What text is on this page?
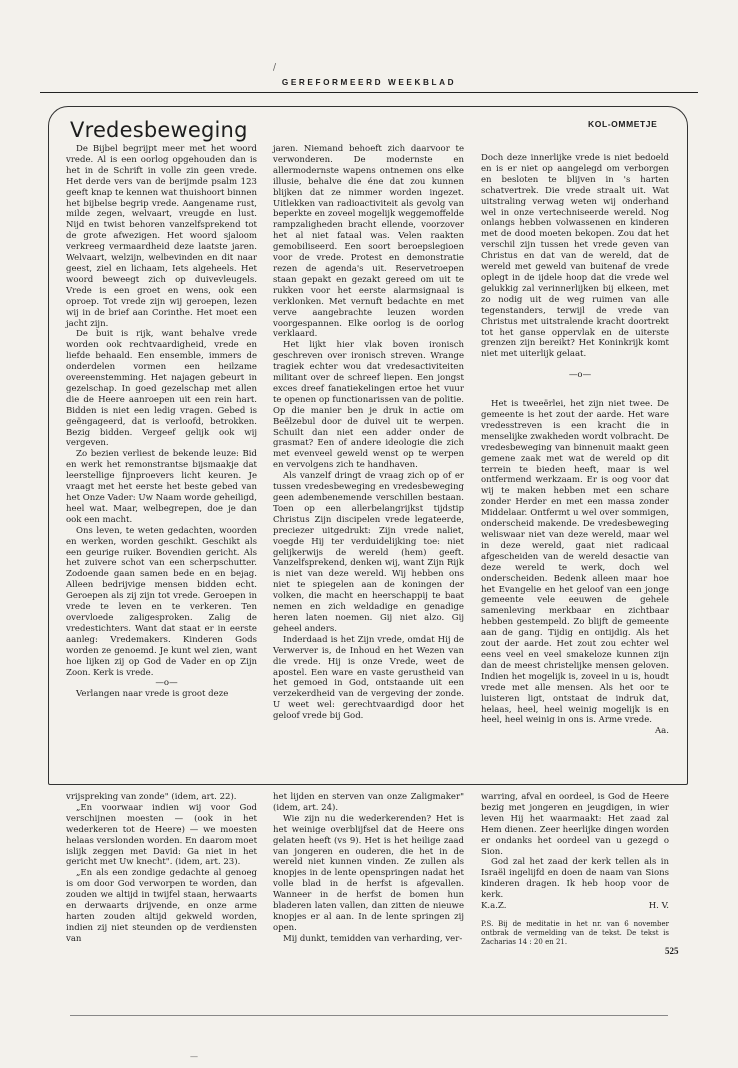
/
GEREFORMEERD WEEKBLAD
Vredesbeweging	KOL-OMMETJE

De Bijbel begrijpt meer met het woord vrede. Al is een oorlog opgehouden dan is het in de Schrift in volle zin geen vrede. Het derde vers van de berijmde psalm 123 geeft knap te kennen wat thuishoort binnen het bijbelse begrip vrede. Aangename rust, milde zegen, welvaart, vreugde en lust. Nijd en twist behoren vanzelfsprekend tot de grote afwezigen. Het woord sjaloom verkreeg vermaardheid deze laatste jaren. Welvaart, welzijn, welbevinden en dit naar geest, ziel en lichaam, Iets algeheels. Het woord beweegt zich op duivevleugels. Vrede is een groet en wens, ook een oproep. Tot vrede zijn wij geroepen, lezen wij in de brief aan Corinthe. Het moet een jacht zijn.

De buit is rijk, want behalve vrede worden ook rechtvaardigheid, vrede en liefde behaald. Een ensemble, immers de onderdelen vormen een heilzame overeenstemming. Het najagen gebeurt in gezelschap. In goed gezelschap met allen die de Heere aanroepen uit een rein hart. Bidden is niet een ledig vragen. Gebed is geëngageerd, dat is verloofd, betrokken. Bezig bidden. Vergeef gelijk ook wij vergeven.

Zo bezien verliest de bekende leuze: Bid en werk het remonstrantse bijsmaakje dat leerstellige fijnproevers licht keuren. Je vraagt met het eerste het beste gebed van het Onze Vader: Uw Naam worde geheiligd, heel wat. Maar, welbegrepen, doe je dan ook een macht.

Ons leven, te weten gedachten, woorden en werken, worden geschikt. Geschikt als een geurige ruiker. Bovendien gericht. Als het zuivere schot van een scherpschutter. Zodoende gaan samen bede en en bejag. Alleen bedrijvige mensen bidden echt. Geroepen als zij zijn tot vrede. Geroepen in vrede te leven en te verkeren. Ten overvloede zaligesproken. Zalig de vredestichters. Want dat staat er in eerste aanleg: Vredemakers. Kinderen Gods worden ze genoemd. Je kunt wel zien, want hoe lijken zij op God de Vader en op Zijn Zoon. Kerk is vrede.

—o—

Verlangen naar vrede is groot deze

jaren. Niemand behoeft zich daarvoor te verwonderen. De modernste en allermodernste wapens ontnemen ons elke illusie, behalve die éne dat zou kunnen blijken dat ze nimmer worden ingezet. Uitlekken van radioactiviteit als gevolg van beperkte en zoveel mogelijk weggemoffelde rampzaligheden bracht ellende, voorzover het al niet fataal was. Velen raakten gemobiliseerd. Een soort beroepslegioen voor de vrede. Protest en demonstratie rezen de agenda's uit. Reservetroepen staan gepakt en gezakt gereed om uit te rukken voor het eerste alarmsignaal is verklonken. Met vernuft bedachte en met verve aangebrachte leuzen worden voorgespannen. Elke oorlog is de oorlog verklaard.

Het lijkt hier vlak boven ironisch geschreven over ironisch streven. Wrange tragiek echter wou dat vredesactiviteiten militant over de schreef liepen. Een jongst exces dreef fanatiekelingen ertoe het vuur te openen op functionarissen van de politie. Op die manier ben je druk in actie om Beëlzebul door de duivel uit te werpen. Schuilt dan niet een adder onder de grasmat? Een of andere ideologie die zich met evenveel geweld wenst op te werpen en vervolgens zich te handhaven.

Als vanzelf dringt de vraag zich op of er tussen vredesbeweging en vredesbeweging geen adembenemende verschillen bestaan. Toen op een allerbelangrijkst tijdstip Christus Zijn discipelen vrede legateerde, preciezer uitgedrukt: Zijn vrede naliet, voegde Hij ter verduidelijking toe: niet gelijkerwijs de wereld (hem) geeft. Vanzelfsprekend, denken wij, want Zijn Rijk is niet van deze wereld. Wij hebben ons niet te spiegelen aan de koningen der volken, die macht en heerschappij te baat nemen en zich weldadige en genadige heren laten noemen. Gij niet alzo. Gij geheel anders.

Inderdaad is het Zijn vrede, omdat Hij de Verwerver is, de Inhoud en het Wezen van die vrede. Hij is onze Vrede, weet de apostel. Een ware en vaste gerustheid van het gemoed in God, ontstaande uit een verzekerdheid van de vergeving der zonde. U weet wel: gerechtvaardigd door het geloof vrede bij God.

Doch deze innerlijke vrede is niet bedoeld en is er niet op aangelegd om verborgen en besloten te blijven in 's harten schatvertrek. Die vrede straalt uit. Wat uitstraling verwag weten wij onderhand wel in onze vertechniseerde wereld. Nog onlangs hebben volwassenen en kinderen met de dood moeten bekopen. Zou dat het verschil zijn tussen het vrede geven van Christus en dat van de wereld, dat de wereld met geweld van buitenaf de vrede oplegt in de ijdele hoop dat die vrede wel gelukkig zal verinnerlijken bij elkeen, met zo nodig uit de weg ruimen van alle tegenstanders, terwijl de vrede van Christus met uitstralende kracht doortrekt tot het ganse oppervlak en de uiterste grenzen zijn bereikt? Het Koninkrijk komt niet met uiterlijk gelaat.

—o—

Het is tweeërlei, het zijn niet twee. De gemeente is het zout der aarde. Het ware vredesstreven is een kracht die in menselijke zwakheden wordt volbracht. De vredesbeweging van binnenuit maakt geen gemene zaak met wat de wereld op dit terrein te bieden heeft, maar is wel ontfermend werkzaam. Er is oog voor dat wij te maken hebben met een schare zonder Herder en met een massa zonder Middelaar. Ontfermt u wel over sommigen, onderscheid makende. De vredesbeweging weliswaar niet van deze wereld, maar wel in deze wereld, gaat niet radicaal afgescheiden van de wereld desactie van deze wereld te werk, doch wel onderscheiden. Bedenk alleen maar hoe het Evangelie en het geloof van een jonge gemeente vele eeuwen de gehele samenleving merkbaar en zichtbaar hebben gestempeld. Zo blijft de gemeente aan de gang. Tijdig en ontijdig. Als het zout der aarde. Het zout zou echter wel eens veel en veel smakeloze kunnen zijn dan de meest christelijke mensen geloven. Indien het mogelijk is, zoveel in u is, houdt vrede met alle mensen. Als het oor te luisteren ligt, ontstaat de indruk dat, helaas, heel, heel weinig mogelijk is en heel, heel weinig in ons is. Arme vrede.

Aa.

vrijspreking van zonde" (idem, art. 22).

„En voorwaar indien wij voor God verschijnen moesten — (ook in het wederkeren tot de Heere) — we moesten helaas verslonden worden. En daarom moet islijk zeggen met David: Ga niet in het gericht met Uw knecht". (idem, art. 23).

„En als een zondige gedachte al genoeg is om door God verworpen te worden, dan zouden we altijd in twijfel staan, herwaarts en derwaarts drijvende, en onze arme harten zouden altijd gekweld worden, indien zij niet steunden op de verdiensten van

het lijden en sterven van onze Zaligmaker" (idem, art. 24).

Wie zijn nu die wederkerenden? Het is het weinige overblijfsel dat de Heere ons gelaten heeft (vs 9). Het is het heilige zaad van jongeren en ouderen, die het in de wereld niet kunnen vinden. Ze zullen als knopjes in de lente openspringen nadat het volle blad in de herfst is afgevallen. Wanneer in de herfst de bomen hun bladeren laten vallen, dan zitten de nieuwe knopjes er al aan. In de lente springen zij open.

Mij dunkt, temidden van verharding, ver-

warring, afval en oordeel, is God de Heere bezig met jongeren en jeugdigen, in wier leven Hij het waarmaakt: Het zaad zal Hem dienen. Zeer heerlijke dingen worden er ondanks het oordeel van u gezegd o Sion.

God zal het zaad der kerk tellen als in Israël ingelijfd en doen de naam van Sions kinderen dragen. Ik heb hoop voor de kerk.

K.a.Z.	H. V.

P.S. Bij de meditatie in het nr. van 6 november ontbrak de vermelding van de tekst. De tekst is Zacharias 14 : 20 en 21.

525
—
